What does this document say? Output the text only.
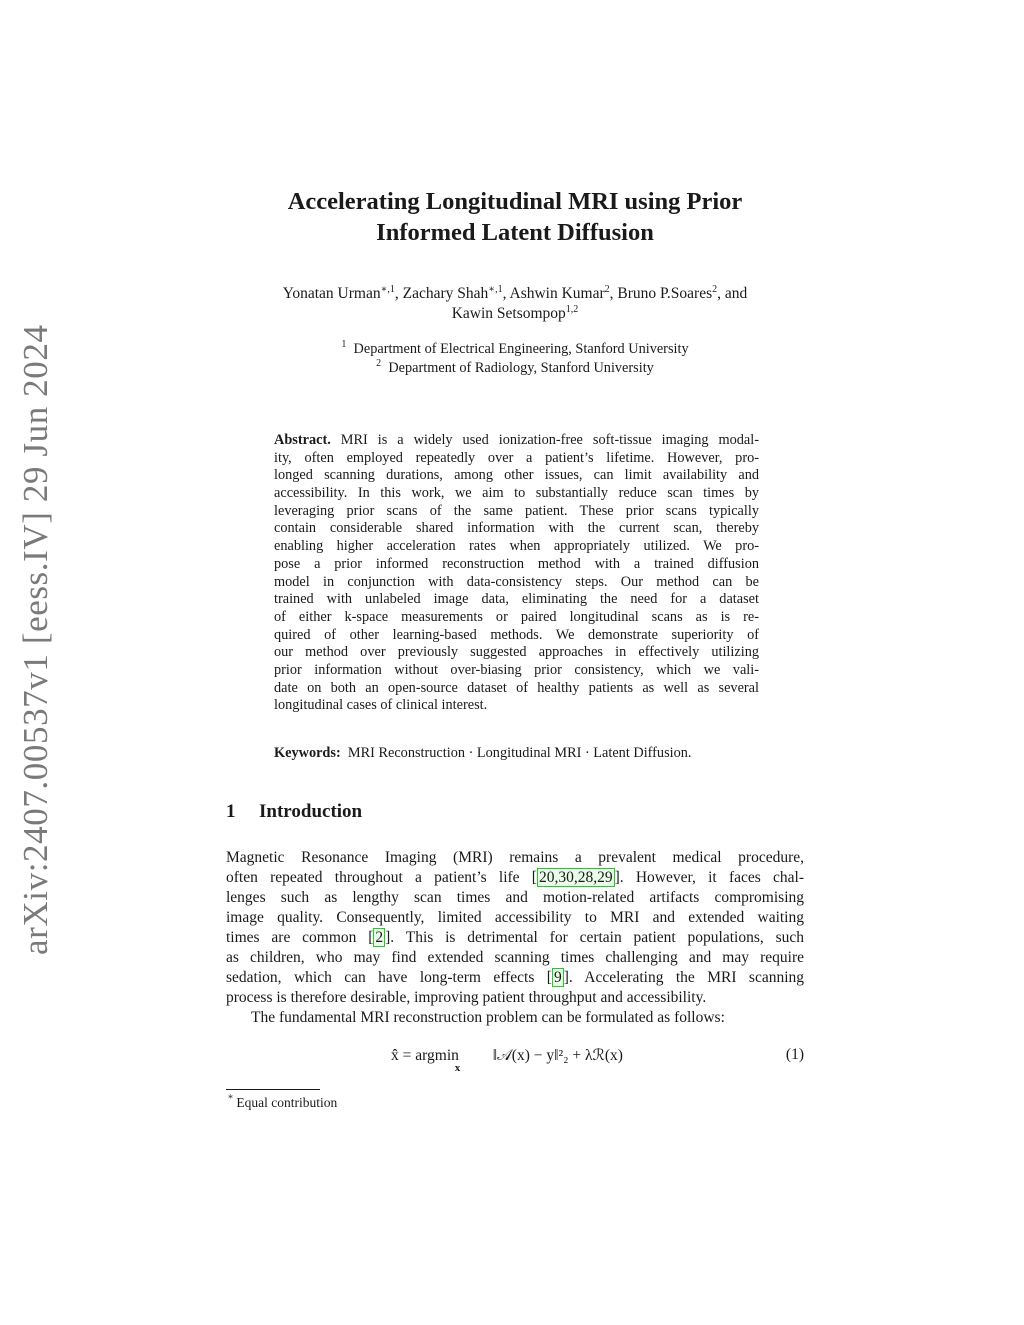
arXiv:2407.00537v1 [eess.IV] 29 Jun 2024
Accelerating Longitudinal MRI using Prior
Informed Latent Diffusion
Yonatan Urman$^{∗,1}$, Zachary Shah$^{∗,1}$, Ashwin Kumar$^2$, Bruno P.Soares$^2$, and
Kawin Setsompop$^{1,2}$
$^1$ Department of Electrical Engineering, Stanford University
$^2$ Department of Radiology, Stanford University
Abstract. MRI is a widely used ionization-free soft-tissue imaging modal-
ity, often employed repeatedly over a patient’s lifetime. However, pro-
longed scanning durations, among other issues, can limit availability and
accessibility. In this work, we aim to substantially reduce scan times by
leveraging prior scans of the same patient. These prior scans typically
contain considerable shared information with the current scan, thereby
enabling higher acceleration rates when appropriately utilized. We pro-
pose a prior informed reconstruction method with a trained diffusion
model in conjunction with data-consistency steps. Our method can be
trained with unlabeled image data, eliminating the need for a dataset
of either k-space measurements or paired longitudinal scans as is re-
quired of other learning-based methods. We demonstrate superiority of
our method over previously suggested approaches in effectively utilizing
prior information without over-biasing prior consistency, which we vali-
date on both an open-source dataset of healthy patients as well as several
longitudinal cases of clinical interest.
Keywords: MRI Reconstruction · Longitudinal MRI · Latent Diffusion.
1 Introduction
Magnetic Resonance Imaging (MRI) remains a prevalent medical procedure,
often repeated throughout a patient’s life [ 20,30,28,29 ]. However, it faces chal-
lenges such as lengthy scan times and motion-related artifacts compromising
image quality. Consequently, limited accessibility to MRI and extended waiting
times are common [ 2 ]. This is detrimental for certain patient populations, such
as children, who may find extended scanning times challenging and may require
sedation, which can have long-term effects [ 9 ]. Accelerating the MRI scanning
process is therefore desirable, improving patient throughput and accessibility.
The fundamental MRI reconstruction problem can be formulated as follows:
x̂ = argmin
x
‖𝒜(x) − y‖²₂ + λℛ(x)	(1)
* Equal contribution
